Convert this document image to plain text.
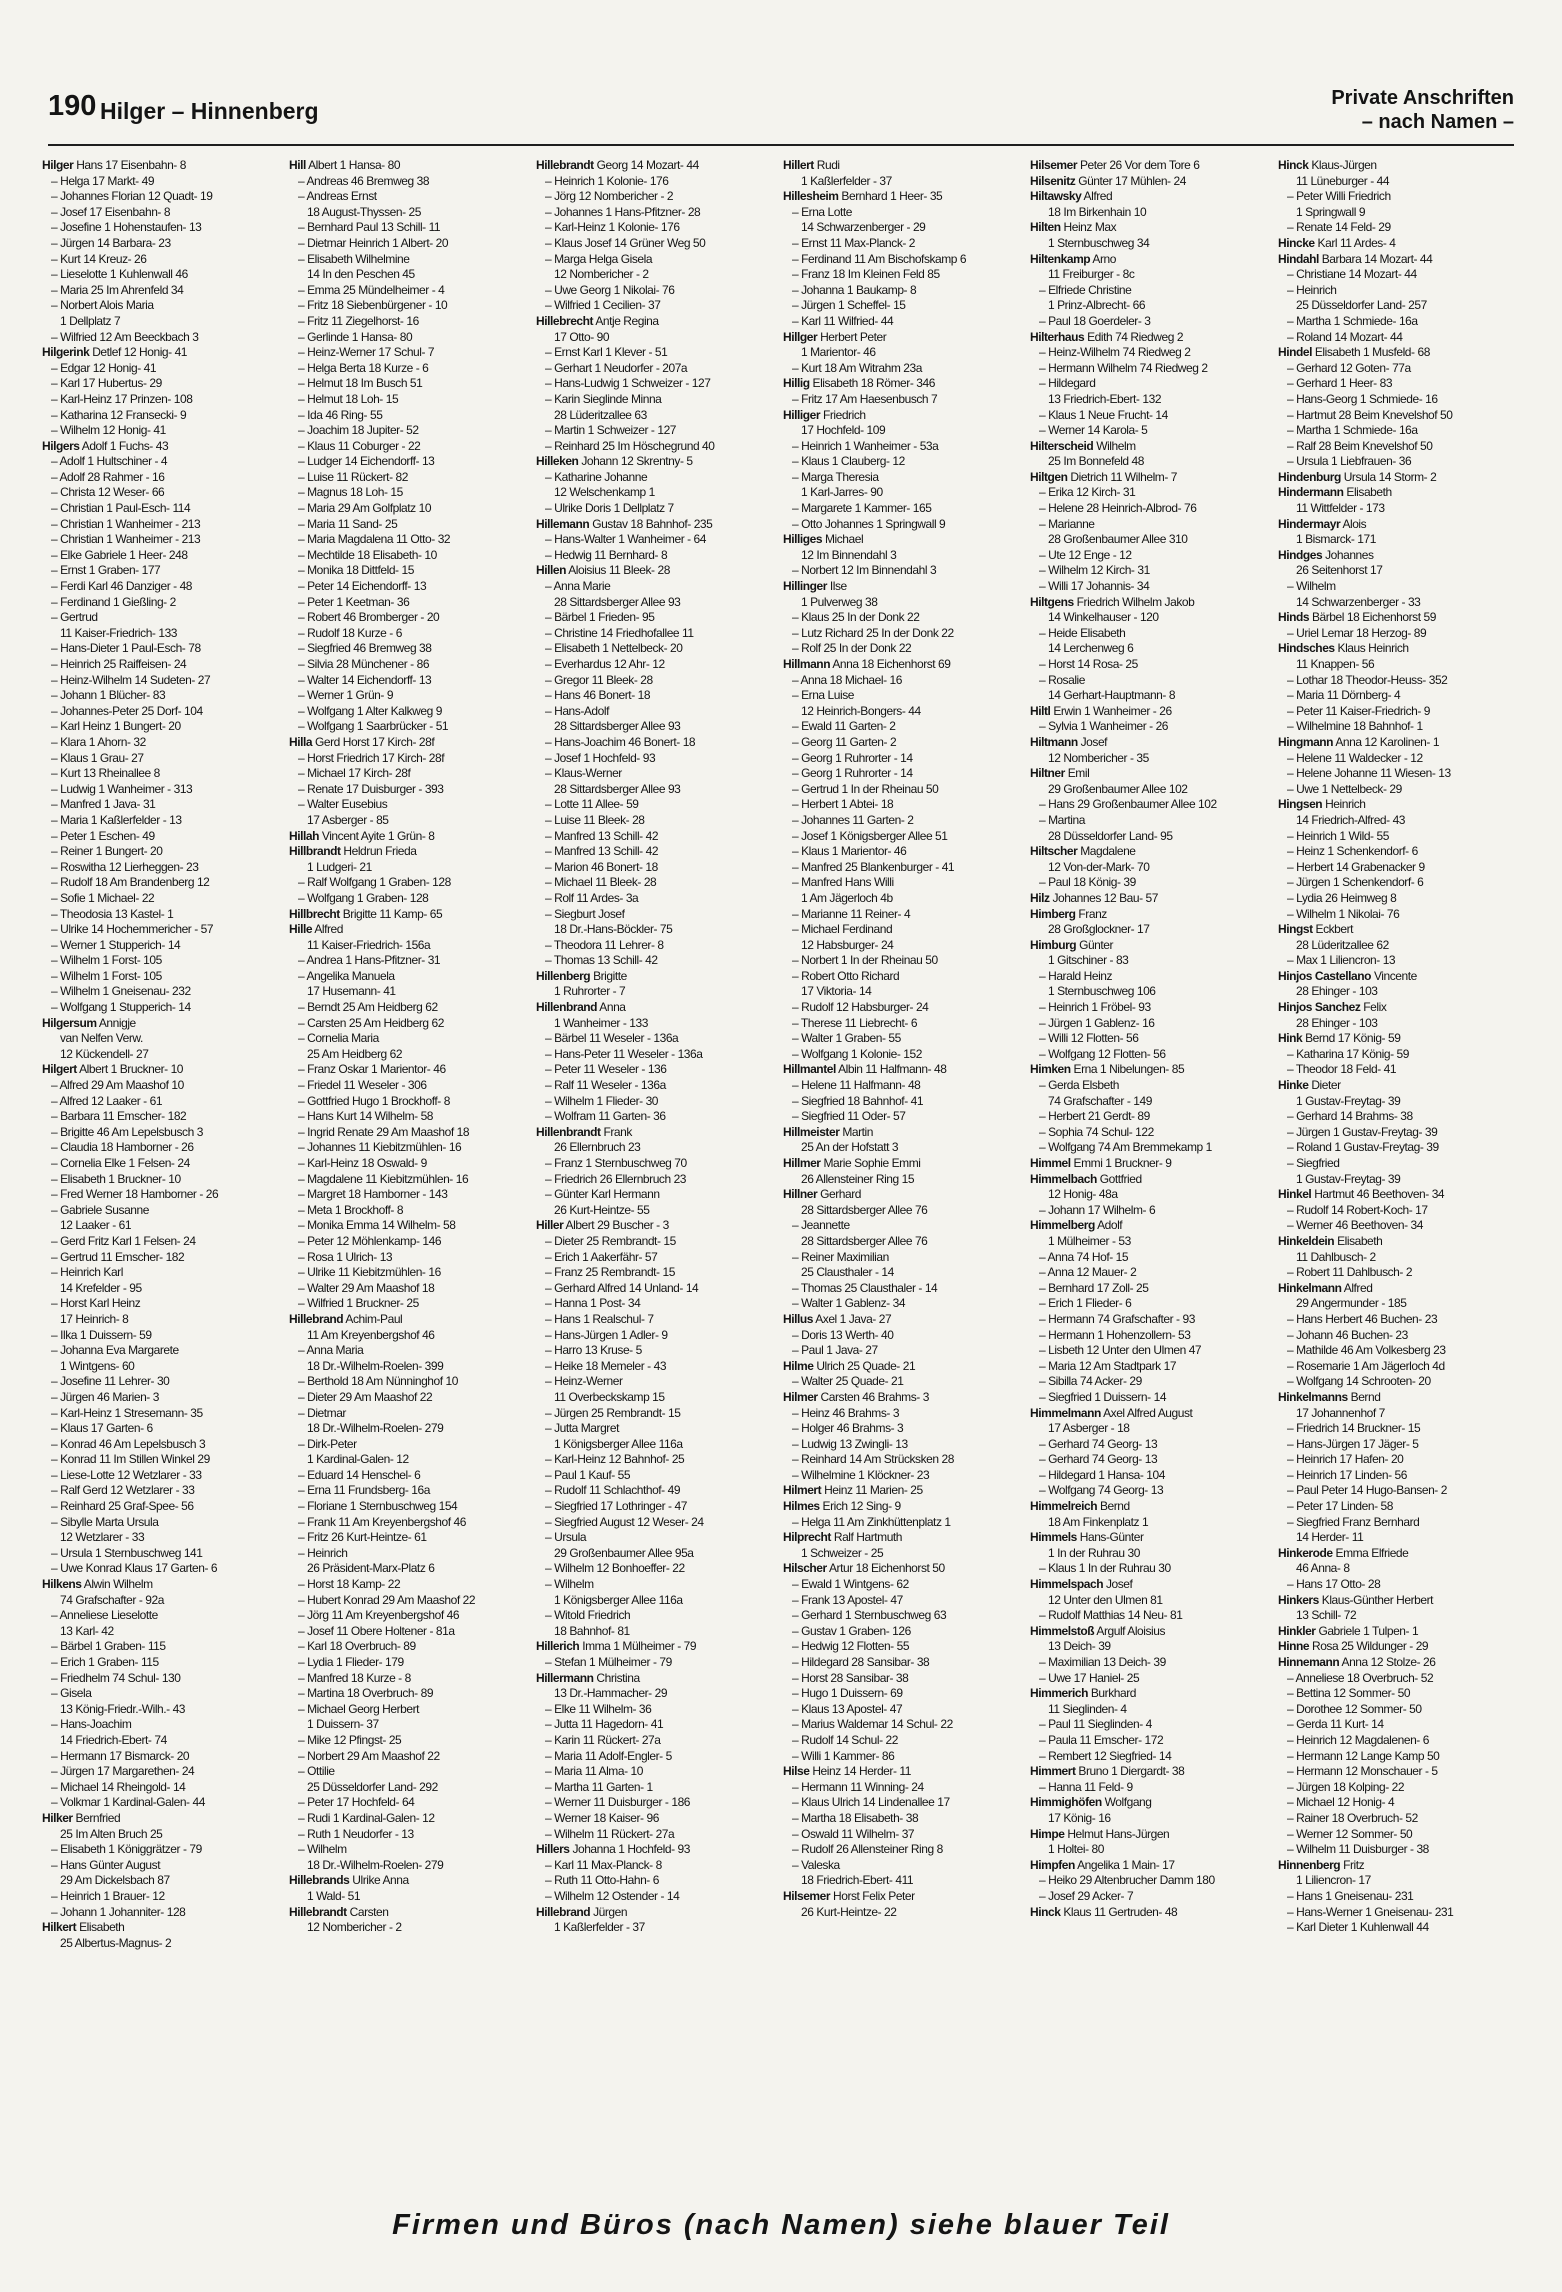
190 Hilger – Hinnenberg	Private Anschriften
– nach Namen –
Hilger Hans 17 Eisenbahn- 8
– Helga 17 Markt- 49
– Johannes Florian 12 Quadt- 19
– Josef 17 Eisenbahn- 8
– Josefine 1 Hohenstaufen- 13
– Jürgen 14 Barbara- 23
– Kurt 14 Kreuz- 26
– Lieselotte 1 Kuhlenwall 46
– Maria 25 Im Ahrenfeld 34
– Norbert Alois Maria
1 Dellplatz 7
– Wilfried 12 Am Beeckbach 3
Hilgerink Detlef 12 Honig- 41
– Edgar 12 Honig- 41
– Karl 17 Hubertus- 29
– Karl-Heinz 17 Prinzen- 108
– Katharina 12 Fransecki- 9
– Wilhelm 12 Honig- 41
Hilgers Adolf 1 Fuchs- 43
– Adolf 1 Hultschiner - 4
– Adolf 28 Rahmer - 16
– Christa 12 Weser- 66
– Christian 1 Paul-Esch- 114
– Christian 1 Wanheimer - 213
– Christian 1 Wanheimer - 213
– Elke Gabriele 1 Heer- 248
– Ernst 1 Graben- 177
– Ferdi Karl 46 Danziger - 48
– Ferdinand 1 Gießling- 2
– Gertrud
11 Kaiser-Friedrich- 133
– Hans-Dieter 1 Paul-Esch- 78
– Heinrich 25 Raiffeisen- 24
– Heinz-Wilhelm 14 Sudeten- 27
– Johann 1 Blücher- 83
– Johannes-Peter 25 Dorf- 104
– Karl Heinz 1 Bungert- 20
– Klara 1 Ahorn- 32
– Klaus 1 Grau- 27
– Kurt 13 Rheinallee 8
– Ludwig 1 Wanheimer - 313
– Manfred 1 Java- 31
– Maria 1 Kaßlerfelder - 13
– Peter 1 Eschen- 49
– Reiner 1 Bungert- 20
– Roswitha 12 Lierheggen- 23
– Rudolf 18 Am Brandenberg 12
– Sofie 1 Michael- 22
– Theodosia 13 Kastel- 1
– Ulrike 14 Hochemmericher - 57
– Werner 1 Stupperich- 14
– Wilhelm 1 Forst- 105
– Wilhelm 1 Forst- 105
– Wilhelm 1 Gneisenau- 232
– Wolfgang 1 Stupperich- 14
Hilgersum Annigje
van Nelfen Verw.
12 Kückendell- 27
Hilgert Albert 1 Bruckner- 10
– Alfred 29 Am Maashof 10
– Alfred 12 Laaker - 61
– Barbara 11 Emscher- 182
– Brigitte 46 Am Lepelsbusch 3
– Claudia 18 Hamborner - 26
– Cornelia Elke 1 Felsen- 24
– Elisabeth 1 Bruckner- 10
– Fred Werner 18 Hamborner - 26
– Gabriele Susanne
12 Laaker - 61
– Gerd Fritz Karl 1 Felsen- 24
– Gertrud 11 Emscher- 182
– Heinrich Karl
14 Krefelder - 95
– Horst Karl Heinz
17 Heinrich- 8
– Ilka 1 Duissern- 59
– Johanna Eva Margarete
1 Wintgens- 60
– Josefine 11 Lehrer- 30
– Jürgen 46 Marien- 3
– Karl-Heinz 1 Stresemann- 35
– Klaus 17 Garten- 6
– Konrad 46 Am Lepelsbusch 3
– Konrad 11 Im Stillen Winkel 29
– Liese-Lotte 12 Wetzlarer - 33
– Ralf Gerd 12 Wetzlarer - 33
– Reinhard 25 Graf-Spee- 56
– Sibylle Marta Ursula
12 Wetzlarer - 33
– Ursula 1 Sternbuschweg 141
– Uwe Konrad Klaus 17 Garten- 6
Hilkens Alwin Wilhelm
74 Grafschafter - 92a
– Anneliese Lieselotte
13 Karl- 42
– Bärbel 1 Graben- 115
– Erich 1 Graben- 115
– Friedhelm 74 Schul- 130
– Gisela
13 König-Friedr.-Wilh.- 43
– Hans-Joachim
14 Friedrich-Ebert- 74
– Hermann 17 Bismarck- 20
– Jürgen 17 Margarethen- 24
– Michael 14 Rheingold- 14
– Volkmar 1 Kardinal-Galen- 44
Hilker Bernfried
25 Im Alten Bruch 25
– Elisabeth 1 Königgrätzer - 79
– Hans Günter August
29 Am Dickelsbach 87
– Heinrich 1 Brauer- 12
– Johann 1 Johanniter- 128
Hilkert Elisabeth
25 Albertus-Magnus- 2
Hill Albert 1 Hansa- 80
– Andreas 46 Bremweg 38
– Andreas Ernst
18 August-Thyssen- 25
– Bernhard Paul 13 Schill- 11
– Dietmar Heinrich 1 Albert- 20
– Elisabeth Wilhelmine
14 In den Peschen 45
– Emma 25 Mündelheimer - 4
– Fritz 18 Siebenbürgener - 10
– Fritz 11 Ziegelhorst- 16
– Gerlinde 1 Hansa- 80
– Heinz-Werner 17 Schul- 7
– Helga Berta 18 Kurze - 6
– Helmut 18 Im Busch 51
– Helmut 18 Loh- 15
– Ida 46 Ring- 55
– Joachim 18 Jupiter- 52
– Klaus 11 Coburger - 22
– Ludger 14 Eichendorff- 13
– Luise 11 Rückert- 82
– Magnus 18 Loh- 15
– Maria 29 Am Golfplatz 10
– Maria 11 Sand- 25
– Maria Magdalena 11 Otto- 32
– Mechtilde 18 Elisabeth- 10
– Monika 18 Dittfeld- 15
– Peter 14 Eichendorff- 13
– Peter 1 Keetman- 36
– Robert 46 Bromberger - 20
– Rudolf 18 Kurze - 6
– Siegfried 46 Bremweg 38
– Silvia 28 Münchener - 86
– Walter 14 Eichendorff- 13
– Werner 1 Grün- 9
– Wolfgang 1 Alter Kalkweg 9
– Wolfgang 1 Saarbrücker - 51
Hilla Gerd Horst 17 Kirch- 28f
– Horst Friedrich 17 Kirch- 28f
– Michael 17 Kirch- 28f
– Renate 17 Duisburger - 393
– Walter Eusebius
17 Asberger - 85
Hillah Vincent Ayite 1 Grün- 8
Hillbrandt Heldrun Frieda
1 Ludgeri- 21
– Ralf Wolfgang 1 Graben- 128
– Wolfgang 1 Graben- 128
Hillbrecht Brigitte 11 Kamp- 65
Hille Alfred
11 Kaiser-Friedrich- 156a
– Andrea 1 Hans-Pfitzner- 31
– Angelika Manuela
17 Husemann- 41
– Berndt 25 Am Heidberg 62
– Carsten 25 Am Heidberg 62
– Cornelia Maria
25 Am Heidberg 62
– Franz Oskar 1 Marientor- 46
– Friedel 11 Weseler - 306
– Gottfried Hugo 1 Brockhoff- 8
– Hans Kurt 14 Wilhelm- 58
– Ingrid Renate 29 Am Maashof 18
– Johannes 11 Kiebitzmühlen- 16
– Karl-Heinz 18 Oswald- 9
– Magdalene 11 Kiebitzmühlen- 16
– Margret 18 Hamborner - 143
– Meta 1 Brockhoff- 8
– Monika Emma 14 Wilhelm- 58
– Peter 12 Möhlenkamp- 146
– Rosa 1 Ulrich- 13
– Ulrike 11 Kiebitzmühlen- 16
– Walter 29 Am Maashof 18
– Wilfried 1 Bruckner- 25
Hillebrand Achim-Paul
11 Am Kreyenbergshof 46
– Anna Maria
18 Dr.-Wilhelm-Roelen- 399
– Berthold 18 Am Nünninghof 10
– Dieter 29 Am Maashof 22
– Dietmar
18 Dr.-Wilhelm-Roelen- 279
– Dirk-Peter
1 Kardinal-Galen- 12
– Eduard 14 Henschel- 6
– Erna 11 Frundsberg- 16a
– Floriane 1 Sternbuschweg 154
– Frank 11 Am Kreyenbergshof 46
– Fritz 26 Kurt-Heintze- 61
– Heinrich
26 Präsident-Marx-Platz 6
– Horst 18 Kamp- 22
– Hubert Konrad 29 Am Maashof 22
– Jörg 11 Am Kreyenbergshof 46
– Josef 11 Obere Holtener - 81a
– Karl 18 Overbruch- 89
– Lydia 1 Flieder- 179
– Manfred 18 Kurze - 8
– Martina 18 Overbruch- 89
– Michael Georg Herbert
1 Duissern- 37
– Mike 12 Pfingst- 25
– Norbert 29 Am Maashof 22
– Ottilie
25 Düsseldorfer Land- 292
– Peter 17 Hochfeld- 64
– Rudi 1 Kardinal-Galen- 12
– Ruth 1 Neudorfer - 13
– Wilhelm
18 Dr.-Wilhelm-Roelen- 279
Hillebrands Ulrike Anna
1 Wald- 51
Hillebrandt Carsten
12 Nombericher - 2
Hillebrandt Georg 14 Mozart- 44
– Heinrich 1 Kolonie- 176
– Jörg 12 Nombericher - 2
– Johannes 1 Hans-Pfitzner- 28
– Karl-Heinz 1 Kolonie- 176
– Klaus Josef 14 Grüner Weg 50
– Marga Helga Gisela
12 Nombericher - 2
– Uwe Georg 1 Nikolai- 76
– Wilfried 1 Cecilien- 37
Hillebrecht Antje Regina
17 Otto- 90
– Ernst Karl 1 Klever - 51
– Gerhart 1 Neudorfer - 207a
– Hans-Ludwig 1 Schweizer - 127
– Karin Sieglinde Minna
28 Lüderitzallee 63
– Martin 1 Schweizer - 127
– Reinhard 25 Im Höschegrund 40
Hilleken Johann 12 Skrentny- 5
– Katharine Johanne
12 Welschenkamp 1
– Ulrike Doris 1 Dellplatz 7
Hillemann Gustav 18 Bahnhof- 235
– Hans-Walter 1 Wanheimer - 64
– Hedwig 11 Bernhard- 8
Hillen Aloisius 11 Bleek- 28
– Anna Marie
28 Sittardsberger Allee 93
– Bärbel 1 Frieden- 95
– Christine 14 Friedhofallee 11
– Elisabeth 1 Nettelbeck- 20
– Everhardus 12 Ahr- 12
– Gregor 11 Bleek- 28
– Hans 46 Bonert- 18
– Hans-Adolf
28 Sittardsberger Allee 93
– Hans-Joachim 46 Bonert- 18
– Josef 1 Hochfeld- 93
– Klaus-Werner
28 Sittardsberger Allee 93
– Lotte 11 Allee- 59
– Luise 11 Bleek- 28
– Manfred 13 Schill- 42
– Manfred 13 Schill- 42
– Marion 46 Bonert- 18
– Michael 11 Bleek- 28
– Rolf 11 Ardes- 3a
– Siegburt Josef
18 Dr.-Hans-Böckler- 75
– Theodora 11 Lehrer- 8
– Thomas 13 Schill- 42
Hillenberg Brigitte
1 Ruhrorter - 7
Hillenbrand Anna
1 Wanheimer - 133
– Bärbel 11 Weseler - 136a
– Hans-Peter 11 Weseler - 136a
– Peter 11 Weseler - 136
– Ralf 11 Weseler - 136a
– Wilhelm 1 Flieder- 30
– Wolfram 11 Garten- 36
Hillenbrandt Frank
26 Ellernbruch 23
– Franz 1 Sternbuschweg 70
– Friedrich 26 Ellernbruch 23
– Günter Karl Hermann
26 Kurt-Heintze- 55
Hiller Albert 29 Buscher - 3
– Dieter 25 Rembrandt- 15
– Erich 1 Aakerfähr- 57
– Franz 25 Rembrandt- 15
– Gerhard Alfred 14 Unland- 14
– Hanna 1 Post- 34
– Hans 1 Realschul- 7
– Hans-Jürgen 1 Adler- 9
– Harro 13 Kruse- 5
– Heike 18 Memeler - 43
– Heinz-Werner
11 Overbeckskamp 15
– Jürgen 25 Rembrandt- 15
– Jutta Margret
1 Königsberger Allee 116a
– Karl-Heinz 12 Bahnhof- 25
– Paul 1 Kauf- 55
– Rudolf 11 Schlachthof- 49
– Siegfried 17 Lothringer - 47
– Siegfried August 12 Weser- 24
– Ursula
29 Großenbaumer Allee 95a
– Wilhelm 12 Bonhoeffer- 22
– Wilhelm
1 Königsberger Allee 116a
– Witold Friedrich
18 Bahnhof- 81
Hillerich Imma 1 Mülheimer - 79
– Stefan 1 Mülheimer - 79
Hillermann Christina
13 Dr.-Hammacher- 29
– Elke 11 Wilhelm- 36
– Jutta 11 Hagedorn- 41
– Karin 11 Rückert- 27a
– Maria 11 Adolf-Engler- 5
– Maria 11 Alma- 10
– Martha 11 Garten- 1
– Werner 11 Duisburger - 186
– Werner 18 Kaiser- 96
– Wilhelm 11 Rückert- 27a
Hillers Johanna 1 Hochfeld- 93
– Karl 11 Max-Planck- 8
– Ruth 11 Otto-Hahn- 6
– Wilhelm 12 Ostender - 14
Hillebrand Jürgen
1 Kaßlerfelder - 37
Hillert Rudi
1 Kaßlerfelder - 37
Hillesheim Bernhard 1 Heer- 35
– Erna Lotte
14 Schwarzenberger - 29
– Ernst 11 Max-Planck- 2
– Ferdinand 11 Am Bischofskamp 6
– Franz 18 Im Kleinen Feld 85
– Johanna 1 Baukamp- 8
– Jürgen 1 Scheffel- 15
– Karl 11 Wilfried- 44
Hillger Herbert Peter
1 Marientor- 46
– Kurt 18 Am Witrahm 23a
Hillig Elisabeth 18 Römer- 346
– Fritz 17 Am Haesenbusch 7
Hilliger Friedrich
17 Hochfeld- 109
– Heinrich 1 Wanheimer - 53a
– Klaus 1 Clauberg- 12
– Marga Theresia
1 Karl-Jarres- 90
– Margarete 1 Kammer- 165
– Otto Johannes 1 Springwall 9
Hilliges Michael
12 Im Binnendahl 3
– Norbert 12 Im Binnendahl 3
Hillinger Ilse
1 Pulverweg 38
– Klaus 25 In der Donk 22
– Lutz Richard 25 In der Donk 22
– Rolf 25 In der Donk 22
Hillmann Anna 18 Eichenhorst 69
– Anna 18 Michael- 16
– Erna Luise
12 Heinrich-Bongers- 44
– Ewald 11 Garten- 2
– Georg 11 Garten- 2
– Georg 1 Ruhrorter - 14
– Georg 1 Ruhrorter - 14
– Gertrud 1 In der Rheinau 50
– Herbert 1 Abtei- 18
– Johannes 11 Garten- 2
– Josef 1 Königsberger Allee 51
– Klaus 1 Marientor- 46
– Manfred 25 Blankenburger - 41
– Manfred Hans Willi
1 Am Jägerloch 4b
– Marianne 11 Reiner- 4
– Michael Ferdinand
12 Habsburger- 24
– Norbert 1 In der Rheinau 50
– Robert Otto Richard
17 Viktoria- 14
– Rudolf 12 Habsburger- 24
– Therese 11 Liebrecht- 6
– Walter 1 Graben- 55
– Wolfgang 1 Kolonie- 152
Hillmantel Albin 11 Halfmann- 48
– Helene 11 Halfmann- 48
– Siegfried 18 Bahnhof- 41
– Siegfried 11 Oder- 57
Hillmeister Martin
25 An der Hofstatt 3
Hillmer Marie Sophie Emmi
26 Allensteiner Ring 15
Hillner Gerhard
28 Sittardsberger Allee 76
– Jeannette
28 Sittardsberger Allee 76
– Reiner Maximilian
25 Clausthaler - 14
– Thomas 25 Clausthaler - 14
– Walter 1 Gablenz- 34
Hillus Axel 1 Java- 27
– Doris 13 Werth- 40
– Paul 1 Java- 27
Hilme Ulrich 25 Quade- 21
– Walter 25 Quade- 21
Hilmer Carsten 46 Brahms- 3
– Heinz 46 Brahms- 3
– Holger 46 Brahms- 3
– Ludwig 13 Zwingli- 13
– Reinhard 14 Am Strücksken 28
– Wilhelmine 1 Klöckner- 23
Hilmert Heinz 11 Marien- 25
Hilmes Erich 12 Sing- 9
– Helga 11 Am Zinkhüttenplatz 1
Hilprecht Ralf Hartmuth
1 Schweizer - 25
Hilscher Artur 18 Eichenhorst 50
– Ewald 1 Wintgens- 62
– Frank 13 Apostel- 47
– Gerhard 1 Sternbuschweg 63
– Gustav 1 Graben- 126
– Hedwig 12 Flotten- 55
– Hildegard 28 Sansibar- 38
– Horst 28 Sansibar- 38
– Hugo 1 Duissern- 69
– Klaus 13 Apostel- 47
– Marius Waldemar 14 Schul- 22
– Rudolf 14 Schul- 22
– Willi 1 Kammer- 86
Hilse Heinz 14 Herder- 11
– Hermann 11 Winning- 24
– Klaus Ulrich 14 Lindenallee 17
– Martha 18 Elisabeth- 38
– Oswald 11 Wilhelm- 37
– Rudolf 26 Allensteiner Ring 8
– Valeska
18 Friedrich-Ebert- 411
Hilsemer Horst Felix Peter
26 Kurt-Heintze- 22
Hilsemer Peter 26 Vor dem Tore 6
Hilsenitz Günter 17 Mühlen- 24
Hiltawsky Alfred
18 Im Birkenhain 10
Hilten Heinz Max
1 Sternbuschweg 34
Hiltenkamp Arno
11 Freiburger - 8c
– Elfriede Christine
1 Prinz-Albrecht- 66
– Paul 18 Goerdeler- 3
Hilterhaus Edith 74 Riedweg 2
– Heinz-Wilhelm 74 Riedweg 2
– Hermann Wilhelm 74 Riedweg 2
– Hildegard
13 Friedrich-Ebert- 132
– Klaus 1 Neue Frucht- 14
– Werner 14 Karola- 5
Hilterscheid Wilhelm
25 Im Bonnefeld 48
Hiltgen Dietrich 11 Wilhelm- 7
– Erika 12 Kirch- 31
– Helene 28 Heinrich-Albrod- 76
– Marianne
28 Großenbaumer Allee 310
– Ute 12 Enge - 12
– Wilhelm 12 Kirch- 31
– Willi 17 Johannis- 34
Hiltgens Friedrich Wilhelm Jakob
14 Winkelhauser - 120
– Heide Elisabeth
14 Lerchenweg 6
– Horst 14 Rosa- 25
– Rosalie
14 Gerhart-Hauptmann- 8
Hiltl Erwin 1 Wanheimer - 26
– Sylvia 1 Wanheimer - 26
Hiltmann Josef
12 Nombericher - 35
Hiltner Emil
29 Großenbaumer Allee 102
– Hans 29 Großenbaumer Allee 102
– Martina
28 Düsseldorfer Land- 95
Hiltscher Magdalene
12 Von-der-Mark- 70
– Paul 18 König- 39
Hilz Johannes 12 Bau- 57
Himberg Franz
28 Großglockner- 17
Himburg Günter
1 Gitschiner - 83
– Harald Heinz
1 Sternbuschweg 106
– Heinrich 1 Fröbel- 93
– Jürgen 1 Gablenz- 16
– Willi 12 Flotten- 56
– Wolfgang 12 Flotten- 56
Himken Erna 1 Nibelungen- 85
– Gerda Elsbeth
74 Grafschafter - 149
– Herbert 21 Gerdt- 89
– Sophia 74 Schul- 122
– Wolfgang 74 Am Bremmekamp 1
Himmel Emmi 1 Bruckner- 9
Himmelbach Gottfried
12 Honig- 48a
– Johann 17 Wilhelm- 6
Himmelberg Adolf
1 Mülheimer - 53
– Anna 74 Hof- 15
– Anna 12 Mauer- 2
– Bernhard 17 Zoll- 25
– Erich 1 Flieder- 6
– Hermann 74 Grafschafter - 93
– Hermann 1 Hohenzollern- 53
– Lisbeth 12 Unter den Ulmen 47
– Maria 12 Am Stadtpark 17
– Sibilla 74 Acker- 29
– Siegfried 1 Duissern- 14
Himmelmann Axel Alfred August
17 Asberger - 18
– Gerhard 74 Georg- 13
– Gerhard 74 Georg- 13
– Hildegard 1 Hansa- 104
– Wolfgang 74 Georg- 13
Himmelreich Bernd
18 Am Finkenplatz 1
Himmels Hans-Günter
1 In der Ruhrau 30
– Klaus 1 In der Ruhrau 30
Himmelspach Josef
12 Unter den Ulmen 81
– Rudolf Matthias 14 Neu- 81
Himmelstoß Argulf Aloisius
13 Deich- 39
– Maximilian 13 Deich- 39
– Uwe 17 Haniel- 25
Himmerich Burkhard
11 Sieglinden- 4
– Paul 11 Sieglinden- 4
– Paula 11 Emscher- 172
– Rembert 12 Siegfried- 14
Himmert Bruno 1 Diergardt- 38
– Hanna 11 Feld- 9
Himmighöfen Wolfgang
17 König- 16
Himpe Helmut Hans-Jürgen
1 Holtei- 80
Himpfen Angelika 1 Main- 17
– Heiko 29 Altenbrucher Damm 180
– Josef 29 Acker- 7
Hinck Klaus 11 Gertruden- 48
Hinck Klaus-Jürgen
11 Lüneburger - 44
– Peter Willi Friedrich
1 Springwall 9
– Renate 14 Feld- 29
Hincke Karl 11 Ardes- 4
Hindahl Barbara 14 Mozart- 44
– Christiane 14 Mozart- 44
– Heinrich
25 Düsseldorfer Land- 257
– Martha 1 Schmiede- 16a
– Roland 14 Mozart- 44
Hindel Elisabeth 1 Musfeld- 68
– Gerhard 12 Goten- 77a
– Gerhard 1 Heer- 83
– Hans-Georg 1 Schmiede- 16
– Hartmut 28 Beim Knevelshof 50
– Martha 1 Schmiede- 16a
– Ralf 28 Beim Knevelshof 50
– Ursula 1 Liebfrauen- 36
Hindenburg Ursula 14 Storm- 2
Hindermann Elisabeth
11 Wittfelder - 173
Hindermayr Alois
1 Bismarck- 171
Hindges Johannes
26 Seitenhorst 17
– Wilhelm
14 Schwarzenberger - 33
Hinds Bärbel 18 Eichenhorst 59
– Uriel Lemar 18 Herzog- 89
Hindsches Klaus Heinrich
11 Knappen- 56
– Lothar 18 Theodor-Heuss- 352
– Maria 11 Dörnberg- 4
– Peter 11 Kaiser-Friedrich- 9
– Wilhelmine 18 Bahnhof- 1
Hingmann Anna 12 Karolinen- 1
– Helene 11 Waldecker - 12
– Helene Johanne 11 Wiesen- 13
– Uwe 1 Nettelbeck- 29
Hingsen Heinrich
14 Friedrich-Alfred- 43
– Heinrich 1 Wild- 55
– Heinz 1 Schenkendorf- 6
– Herbert 14 Grabenacker 9
– Jürgen 1 Schenkendorf- 6
– Lydia 26 Heimweg 8
– Wilhelm 1 Nikolai- 76
Hingst Eckbert
28 Lüderitzallee 62
– Max 1 Liliencron- 13
Hinjos Castellano Vincente
28 Ehinger - 103
Hinjos Sanchez Felix
28 Ehinger - 103
Hink Bernd 17 König- 59
– Katharina 17 König- 59
– Theodor 18 Feld- 41
Hinke Dieter
1 Gustav-Freytag- 39
– Gerhard 14 Brahms- 38
– Jürgen 1 Gustav-Freytag- 39
– Roland 1 Gustav-Freytag- 39
– Siegfried
1 Gustav-Freytag- 39
Hinkel Hartmut 46 Beethoven- 34
– Rudolf 14 Robert-Koch- 17
– Werner 46 Beethoven- 34
Hinkeldein Elisabeth
11 Dahlbusch- 2
– Robert 11 Dahlbusch- 2
Hinkelmann Alfred
29 Angermunder - 185
– Hans Herbert 46 Buchen- 23
– Johann 46 Buchen- 23
– Mathilde 46 Am Volkesberg 23
– Rosemarie 1 Am Jägerloch 4d
– Wolfgang 14 Schrooten- 20
Hinkelmanns Bernd
17 Johannenhof 7
– Friedrich 14 Bruckner- 15
– Hans-Jürgen 17 Jäger- 5
– Heinrich 17 Hafen- 20
– Heinrich 17 Linden- 56
– Paul Peter 14 Hugo-Bansen- 2
– Peter 17 Linden- 58
– Siegfried Franz Bernhard
14 Herder- 11
Hinkerode Emma Elfriede
46 Anna- 8
– Hans 17 Otto- 28
Hinkers Klaus-Günther Herbert
13 Schill- 72
Hinkler Gabriele 1 Tulpen- 1
Hinne Rosa 25 Wildunger - 29
Hinnemann Anna 12 Stolze- 26
– Anneliese 18 Overbruch- 52
– Bettina 12 Sommer- 50
– Dorothee 12 Sommer- 50
– Gerda 11 Kurt- 14
– Heinrich 12 Magdalenen- 6
– Hermann 12 Lange Kamp 50
– Hermann 12 Monschauer - 5
– Jürgen 18 Kolping- 22
– Michael 12 Honig- 4
– Rainer 18 Overbruch- 52
– Werner 12 Sommer- 50
– Wilhelm 11 Duisburger - 38
Hinnenberg Fritz
1 Liliencron- 17
– Hans 1 Gneisenau- 231
– Hans-Werner 1 Gneisenau- 231
– Karl Dieter 1 Kuhlenwall 44
Firmen und Büros (nach Namen) siehe blauer Teil
